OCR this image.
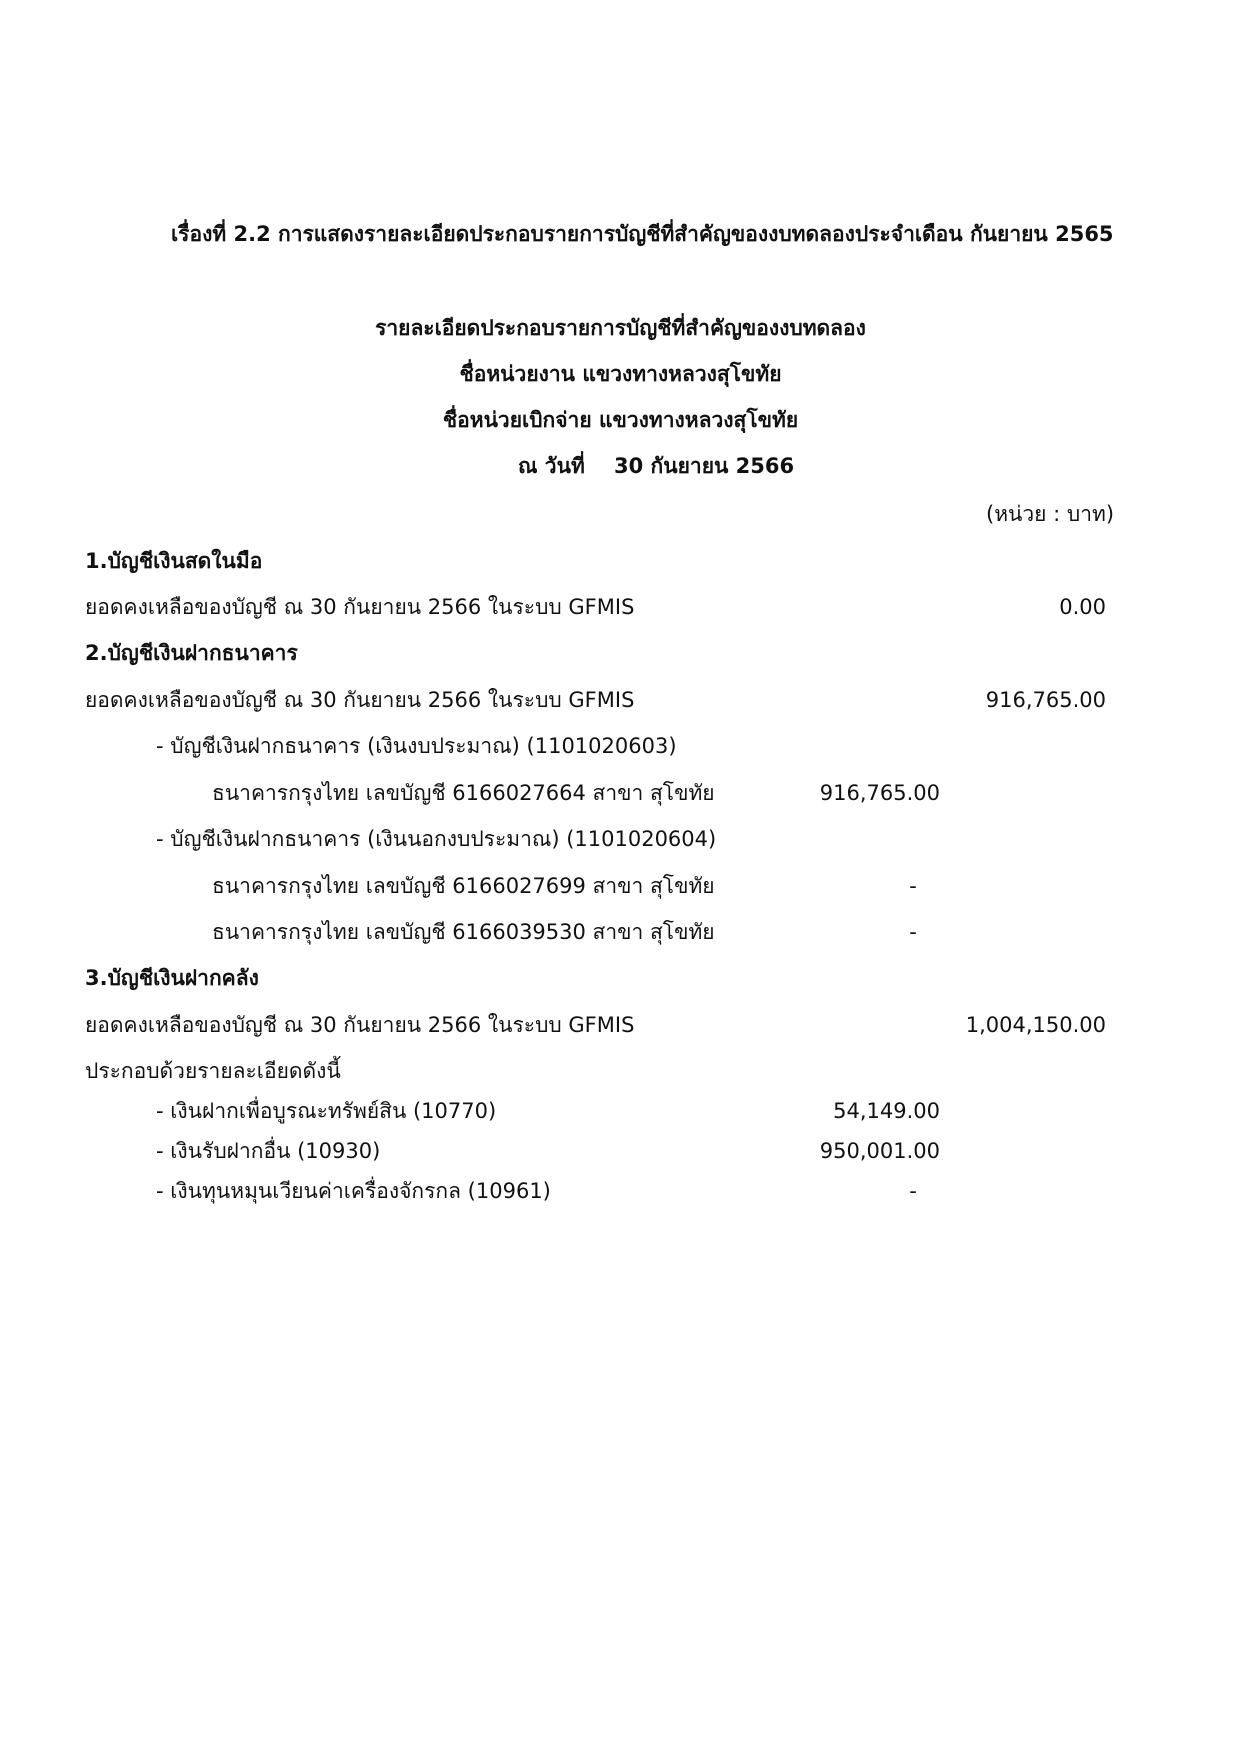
เรื่องที่ 2.2 การแสดงรายละเอียดประกอบรายการบัญชีที่สำคัญของงบทดลองประจำเดือน กันยายน 2565
รายละเอียดประกอบรายการบัญชีที่สำคัญของงบทดลอง
ชื่อหน่วยงาน แขวงทางหลวงสุโขทัย
ชื่อหน่วยเบิกจ่าย แขวงทางหลวงสุโขทัย
ณ วันที่ 30 กันยายน 2566
(หน่วย : บาท)
1.บัญชีเงินสดในมือ
ยอดคงเหลือของบัญชี ณ 30 กันยายน 2566 ในระบบ GFMIS	0.00
2.บัญชีเงินฝากธนาคาร
ยอดคงเหลือของบัญชี ณ 30 กันยายน 2566 ในระบบ GFMIS	916,765.00
- บัญชีเงินฝากธนาคาร (เงินงบประมาณ) (1101020603)
ธนาคารกรุงไทย เลขบัญชี 6166027664 สาขา สุโขทัย	916,765.00
- บัญชีเงินฝากธนาคาร (เงินนอกงบประมาณ) (1101020604)
ธนาคารกรุงไทย เลขบัญชี 6166027699 สาขา สุโขทัย	-
ธนาคารกรุงไทย เลขบัญชี 6166039530 สาขา สุโขทัย	-
3.บัญชีเงินฝากคลัง
ยอดคงเหลือของบัญชี ณ 30 กันยายน 2566 ในระบบ GFMIS	1,004,150.00
ประกอบด้วยรายละเอียดดังนี้
- เงินฝากเพื่อบูรณะทรัพย์สิน (10770)	54,149.00
- เงินรับฝากอื่น (10930)	950,001.00
- เงินทุนหมุนเวียนค่าเครื่องจักรกล (10961)	-
